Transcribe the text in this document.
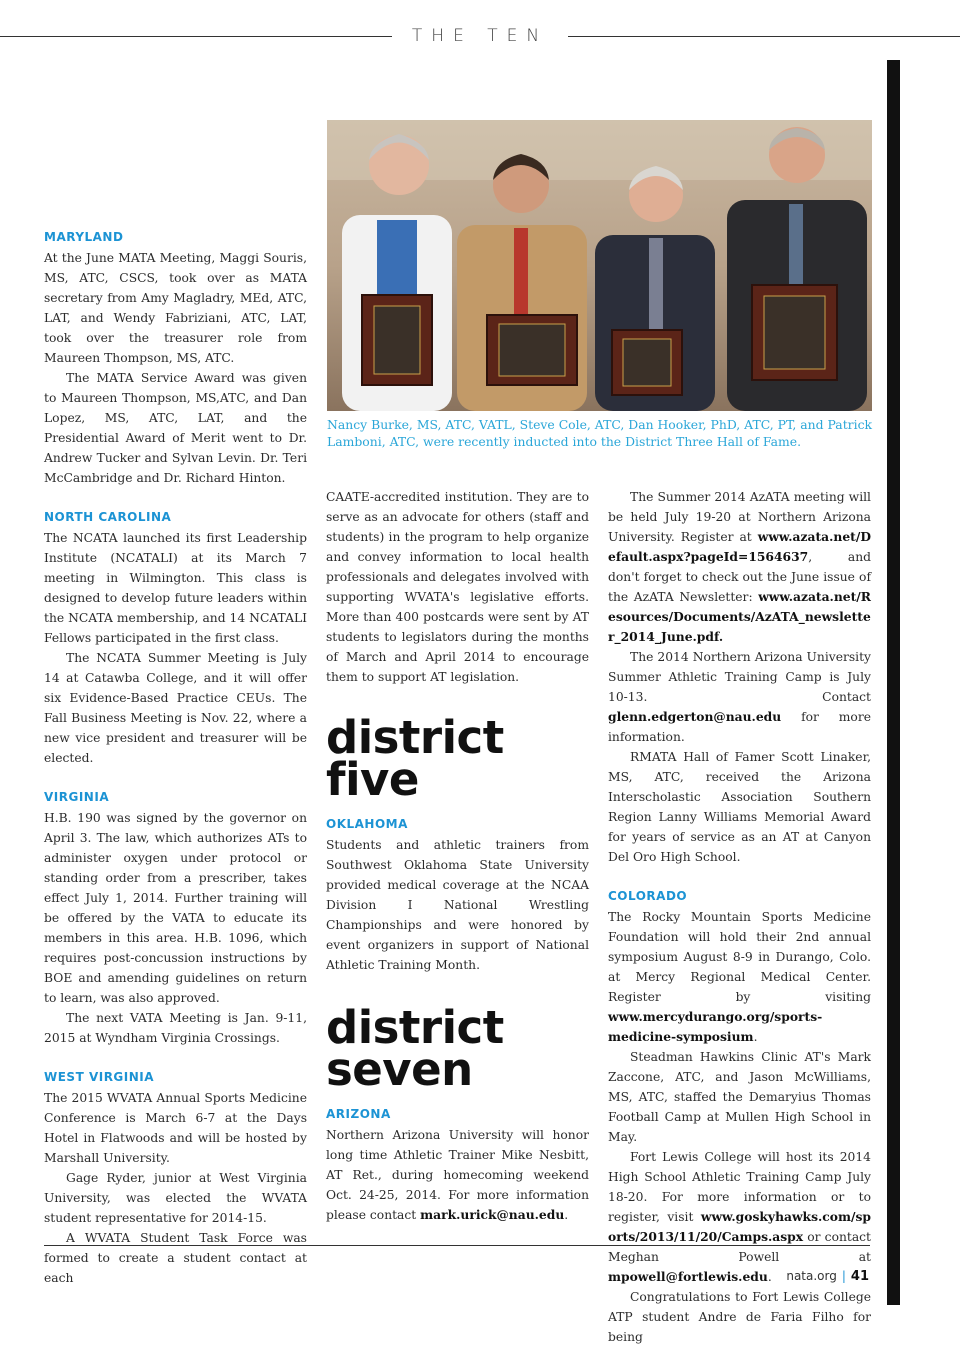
THE TEN
Nancy Burke, MS, ATC, VATL, Steve Cole, ATC, Dan Hooker, PhD, ATC, PT, and Patrick Lamboni, ATC, were recently inducted into the District Three Hall of Fame.
MARYLAND

At the June MATA Meeting, Maggi Souris, MS, ATC, CSCS, took over as MATA secretary from Amy Magladry, MEd, ATC, LAT, and Wendy Fabriziani, ATC, LAT, took over the treasurer role from Maureen Thompson, MS, ATC.

The MATA Service Award was given to Maureen Thompson, MS,ATC, and Dan Lopez, MS, ATC, LAT, and the Presidential Award of Merit went to Dr. Andrew Tucker and Sylvan Levin. Dr. Teri McCambridge and Dr. Richard Hinton.

NORTH CAROLINA

The NCATA launched its first Leadership Institute (NCATALI) at its March 7 meeting in Wilmington. This class is designed to develop future leaders within the NCATA membership, and 14 NCATALI Fellows participated in the first class.

The NCATA Summer Meeting is July 14 at Catawba College, and it will offer six Evidence-Based Practice CEUs. The Fall Business Meeting is Nov. 22, where a new vice president and treasurer will be elected.

VIRGINIA

H.B. 190 was signed by the governor on April 3. The law, which authorizes ATs to administer oxygen under protocol or standing order from a prescriber, takes effect July 1, 2014. Further training will be offered by the VATA to educate its members in this area. H.B. 1096, which requires post-concussion instructions by BOE and amending guidelines on return to learn, was also approved.

The next VATA Meeting is Jan. 9-11, 2015 at Wyndham Virginia Crossings.

WEST VIRGINIA

The 2015 WVATA Annual Sports Medicine Conference is March 6-7 at the Days Hotel in Flatwoods and will be hosted by Marshall University.

Gage Ryder, junior at West Virginia University, was elected the WVATA student representative for 2014-15.

A WVATA Student Task Force was formed to create a student contact at each

CAATE-accredited institution. They are to serve as an advocate for others (staff and students) in the program to help organize and convey information to local health professionals and delegates involved with supporting WVATA's legislative efforts. More than 400 postcards were sent by AT students to legislators during the months of March and April 2014 to encourage them to support AT legislation.

district
five
OKLAHOMA

Students and athletic trainers from Southwest Oklahoma State University provided medical coverage at the NCAA Division I National Wrestling Championships and were honored by event organizers in support of National Athletic Training Month.

district
seven
ARIZONA

Northern Arizona University will honor long time Athletic Trainer Mike Nesbitt, AT Ret., during homecoming weekend Oct. 24-25, 2014. For more information please contact mark.urick@nau.edu.

The Summer 2014 AzATA meeting will be held July 19-20 at Northern Arizona University. Register at www.azata.net/Default.aspx?pageId=1564637, and don't forget to check out the June issue of the AzATA Newsletter: www.azata.net/Resources/Documents/AzATA_newsletter_2014_June.pdf.

The 2014 Northern Arizona University Summer Athletic Training Camp is July 10-13. Contact glenn.edgerton@nau.edu for more information.

RMATA Hall of Famer Scott Linaker, MS, ATC, received the Arizona Interscholastic Association Southern Region Lanny Williams Memorial Award for years of service as an AT at Canyon Del Oro High School.

COLORADO

The Rocky Mountain Sports Medicine Foundation will hold their 2nd annual symposium August 8-9 in Durango, Colo. at Mercy Regional Medical Center. Register by visiting www.mercydurango.org/sports-medicine-symposium.

Steadman Hawkins Clinic AT's Mark Zaccone, ATC, and Jason McWilliams, MS, ATC, staffed the Demaryius Thomas Football Camp at Mullen High School in May.

Fort Lewis College will host its 2014 High School Athletic Training Camp July 18-20. For more information or to register, visit www.goskyhawks.com/sports/2013/11/20/Camps.aspx or contact Meghan Powell at mpowell@fortlewis.edu.

Congratulations to Fort Lewis College ATP student Andre de Faria Filho for being

nata.org | 41
